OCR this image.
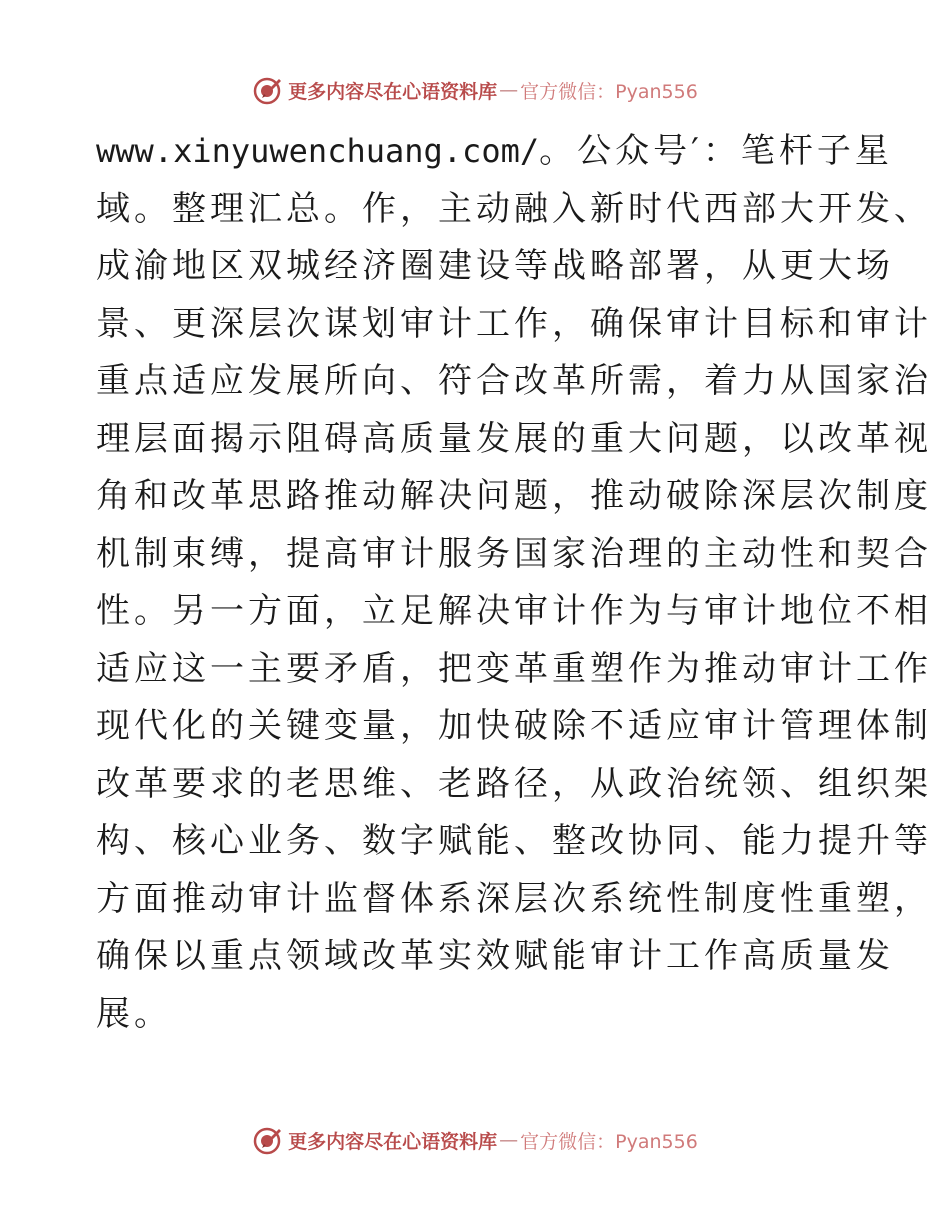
更多内容尽在心语资料库 — 官方微信：Pyan556
www.xinyuwenchuang.com/。公众号′：笔杆子星
域。整理汇总。作，主动融入新时代西部大开发、
成渝地区双城经济圈建设等战略部署，从更大场
景、更深层次谋划审计工作，确保审计目标和审计
重点适应发展所向、符合改革所需，着力从国家治
理层面揭示阻碍高质量发展的重大问题，以改革视
角和改革思路推动解决问题，推动破除深层次制度
机制束缚，提高审计服务国家治理的主动性和契合
性。另一方面，立足解决审计作为与审计地位不相
适应这一主要矛盾，把变革重塑作为推动审计工作
现代化的关键变量，加快破除不适应审计管理体制
改革要求的老思维、老路径，从政治统领、组织架
构、核心业务、数字赋能、整改协同、能力提升等
方面推动审计监督体系深层次系统性制度性重塑，
确保以重点领域改革实效赋能审计工作高质量发
展。
更多内容尽在心语资料库 — 官方微信：Pyan556
